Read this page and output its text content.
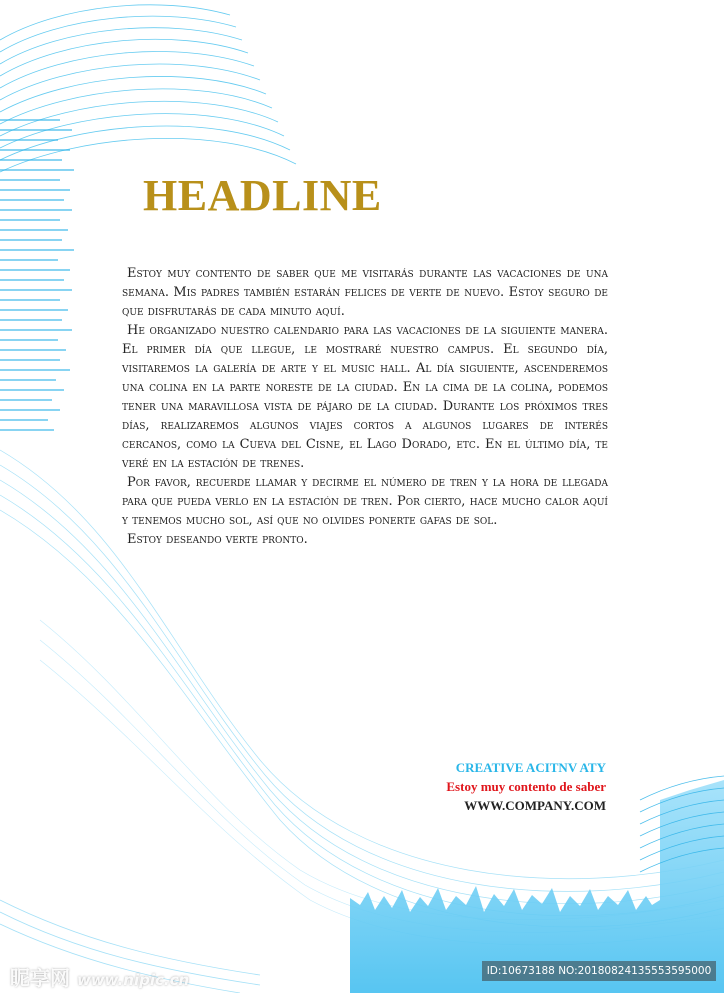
HEADLINE

Estoy muy contento de saber que me visitarás durante las vacaciones de una semana. Mis padres también estarán felices de verte de nuevo. Estoy seguro de que disfrutarás de cada minuto aquí.

He organizado nuestro calendario para las vacaciones de la siguiente manera. El primer día que llegue, le mostraré nuestro campus. El segundo día, visitaremos la galería de arte y el music hall. Al día siguiente, ascenderemos una colina en la parte noreste de la ciudad. En la cima de la colina, podemos tener una maravillosa vista de pájaro de la ciudad. Durante los próximos tres días, realizaremos algunos viajes cortos a algunos lugares de interés cercanos, como la Cueva del Cisne, el Lago Dorado, etc. En el último día, te veré en la estación de trenes.

Por favor, recuerde llamar y decirme el número de tren y la hora de llegada para que pueda verlo en la estación de tren. Por cierto, hace mucho calor aquí y tenemos mucho sol, así que no olvides ponerte gafas de sol.

Estoy deseando verte pronto.

CREATIVE ACITNV ATY
Estoy muy contento de saber
WWW.COMPANY.COM
昵享网 www.nipic.cn	ID:10673188 NO:20180824135553595000
